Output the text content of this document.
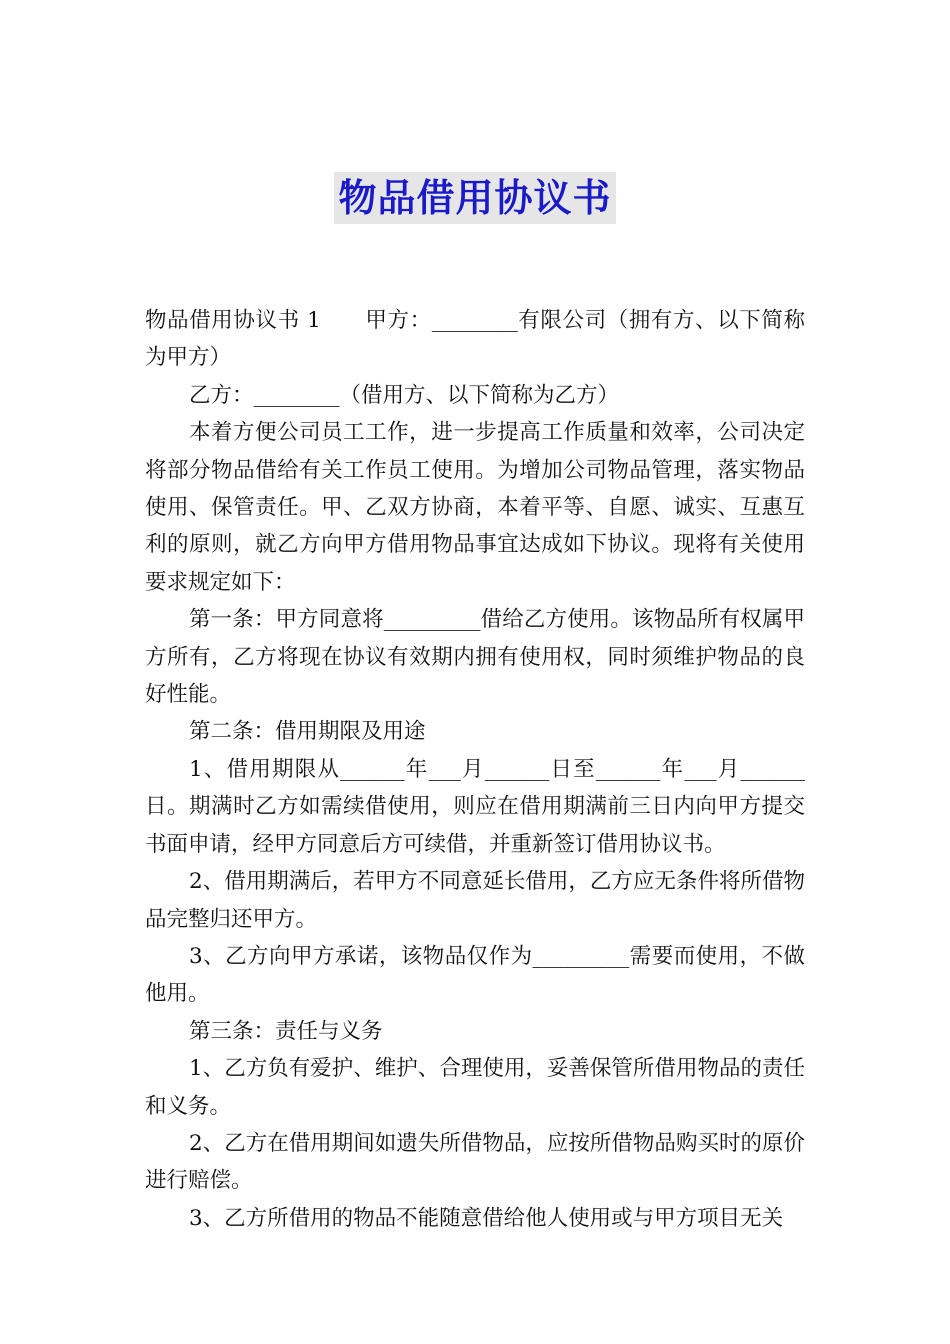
物品借用协议书

物品借用协议书 1 甲方：________有限公司（拥有方、以下简称为甲方）

乙方：________（借用方、以下简称为乙方）

本着方便公司员工工作，进一步提高工作质量和效率，公司决定将部分物品借给有关工作员工使用。为增加公司物品管理，落实物品使用、保管责任。甲、乙双方协商，本着平等、自愿、诚实、互惠互利的原则，就乙方向甲方借用物品事宜达成如下协议。现将有关使用要求规定如下：

第一条：甲方同意将_________借给乙方使用。该物品所有权属甲方所有，乙方将现在协议有效期内拥有使用权，同时须维护物品的良好性能。

第二条：借用期限及用途

1、借用期限从______年___月______日至______年___月______日。期满时乙方如需续借使用，则应在借用期满前三日内向甲方提交书面申请，经甲方同意后方可续借，并重新签订借用协议书。

2、借用期满后，若甲方不同意延长借用，乙方应无条件将所借物品完整归还甲方。

3、乙方向甲方承诺，该物品仅作为_________需要而使用，不做他用。

第三条：责任与义务

1、乙方负有爱护、维护、合理使用，妥善保管所借用物品的责任和义务。

2、乙方在借用期间如遗失所借物品，应按所借物品购买时的原价进行赔偿。

3、乙方所借用的物品不能随意借给他人使用或与甲方项目无关
